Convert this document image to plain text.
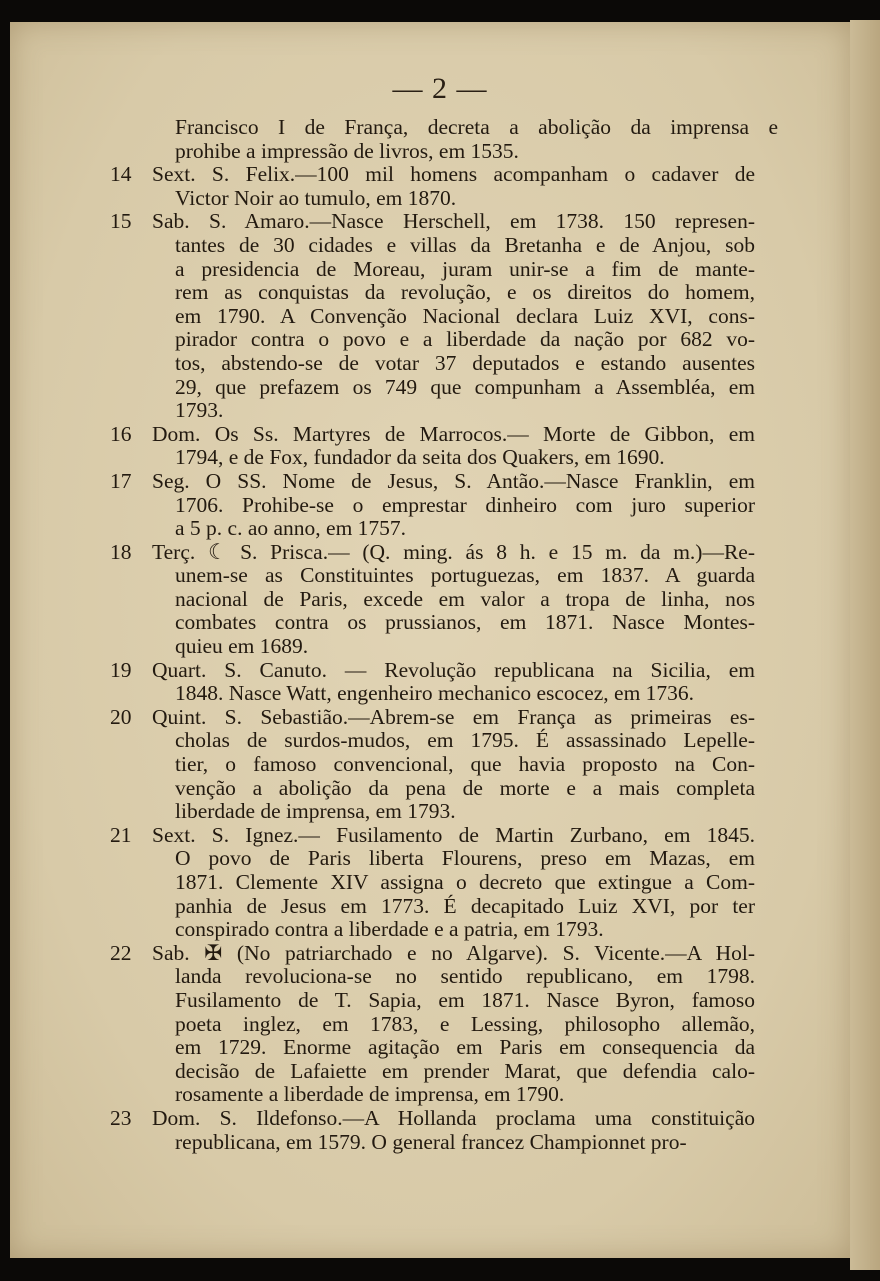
— 2 —
Francisco I de França, decreta a abolição da imprensa e
prohibe a impressão de livros, em 1535.
14 Sext. S. Felix.—100 mil homens acompanham o cadaver de
Victor Noir ao tumulo, em 1870.
15 Sab. S. Amaro.—Nasce Herschell, em 1738. 150 represen-
tantes de 30 cidades e villas da Bretanha e de Anjou, sob
a presidencia de Moreau, juram unir-se a fim de mante-
rem as conquistas da revolução, e os direitos do homem,
em 1790. A Convenção Nacional declara Luiz XVI, cons-
pirador contra o povo e a liberdade da nação por 682 vo-
tos, abstendo-se de votar 37 deputados e estando ausentes
29, que prefazem os 749 que compunham a Assembléa, em
1793.
16 Dom. Os Ss. Martyres de Marrocos.— Morte de Gibbon, em
1794, e de Fox, fundador da seita dos Quakers, em 1690.
17 Seg. O SS. Nome de Jesus, S. Antão.—Nasce Franklin, em
1706. Prohibe-se o emprestar dinheiro com juro superior
a 5 p. c. ao anno, em 1757.
18 Terç. ☾ S. Prisca.— (Q. ming. ás 8 h. e 15 m. da m.)—Re-
unem-se as Constituintes portuguezas, em 1837. A guarda
nacional de Paris, excede em valor a tropa de linha, nos
combates contra os prussianos, em 1871. Nasce Montes-
quieu em 1689.
19 Quart. S. Canuto. — Revolução republicana na Sicilia, em
1848. Nasce Watt, engenheiro mechanico escocez, em 1736.
20 Quint. S. Sebastião.—Abrem-se em França as primeiras es-
cholas de surdos-mudos, em 1795. É assassinado Lepelle-
tier, o famoso convencional, que havia proposto na Con-
venção a abolição da pena de morte e a mais completa
liberdade de imprensa, em 1793.
21 Sext. S. Ignez.— Fusilamento de Martin Zurbano, em 1845.
O povo de Paris liberta Flourens, preso em Mazas, em
1871. Clemente XIV assigna o decreto que extingue a Com-
panhia de Jesus em 1773. É decapitado Luiz XVI, por ter
conspirado contra a liberdade e a patria, em 1793.
22 Sab. ✠ (No patriarchado e no Algarve). S. Vicente.—A Hol-
landa revoluciona-se no sentido republicano, em 1798.
Fusilamento de T. Sapia, em 1871. Nasce Byron, famoso
poeta inglez, em 1783, e Lessing, philosopho allemão,
em 1729. Enorme agitação em Paris em consequencia da
decisão de Lafaiette em prender Marat, que defendia calo-
rosamente a liberdade de imprensa, em 1790.
23 Dom. S. Ildefonso.—A Hollanda proclama uma constituição
republicana, em 1579. O general francez Championnet pro-
